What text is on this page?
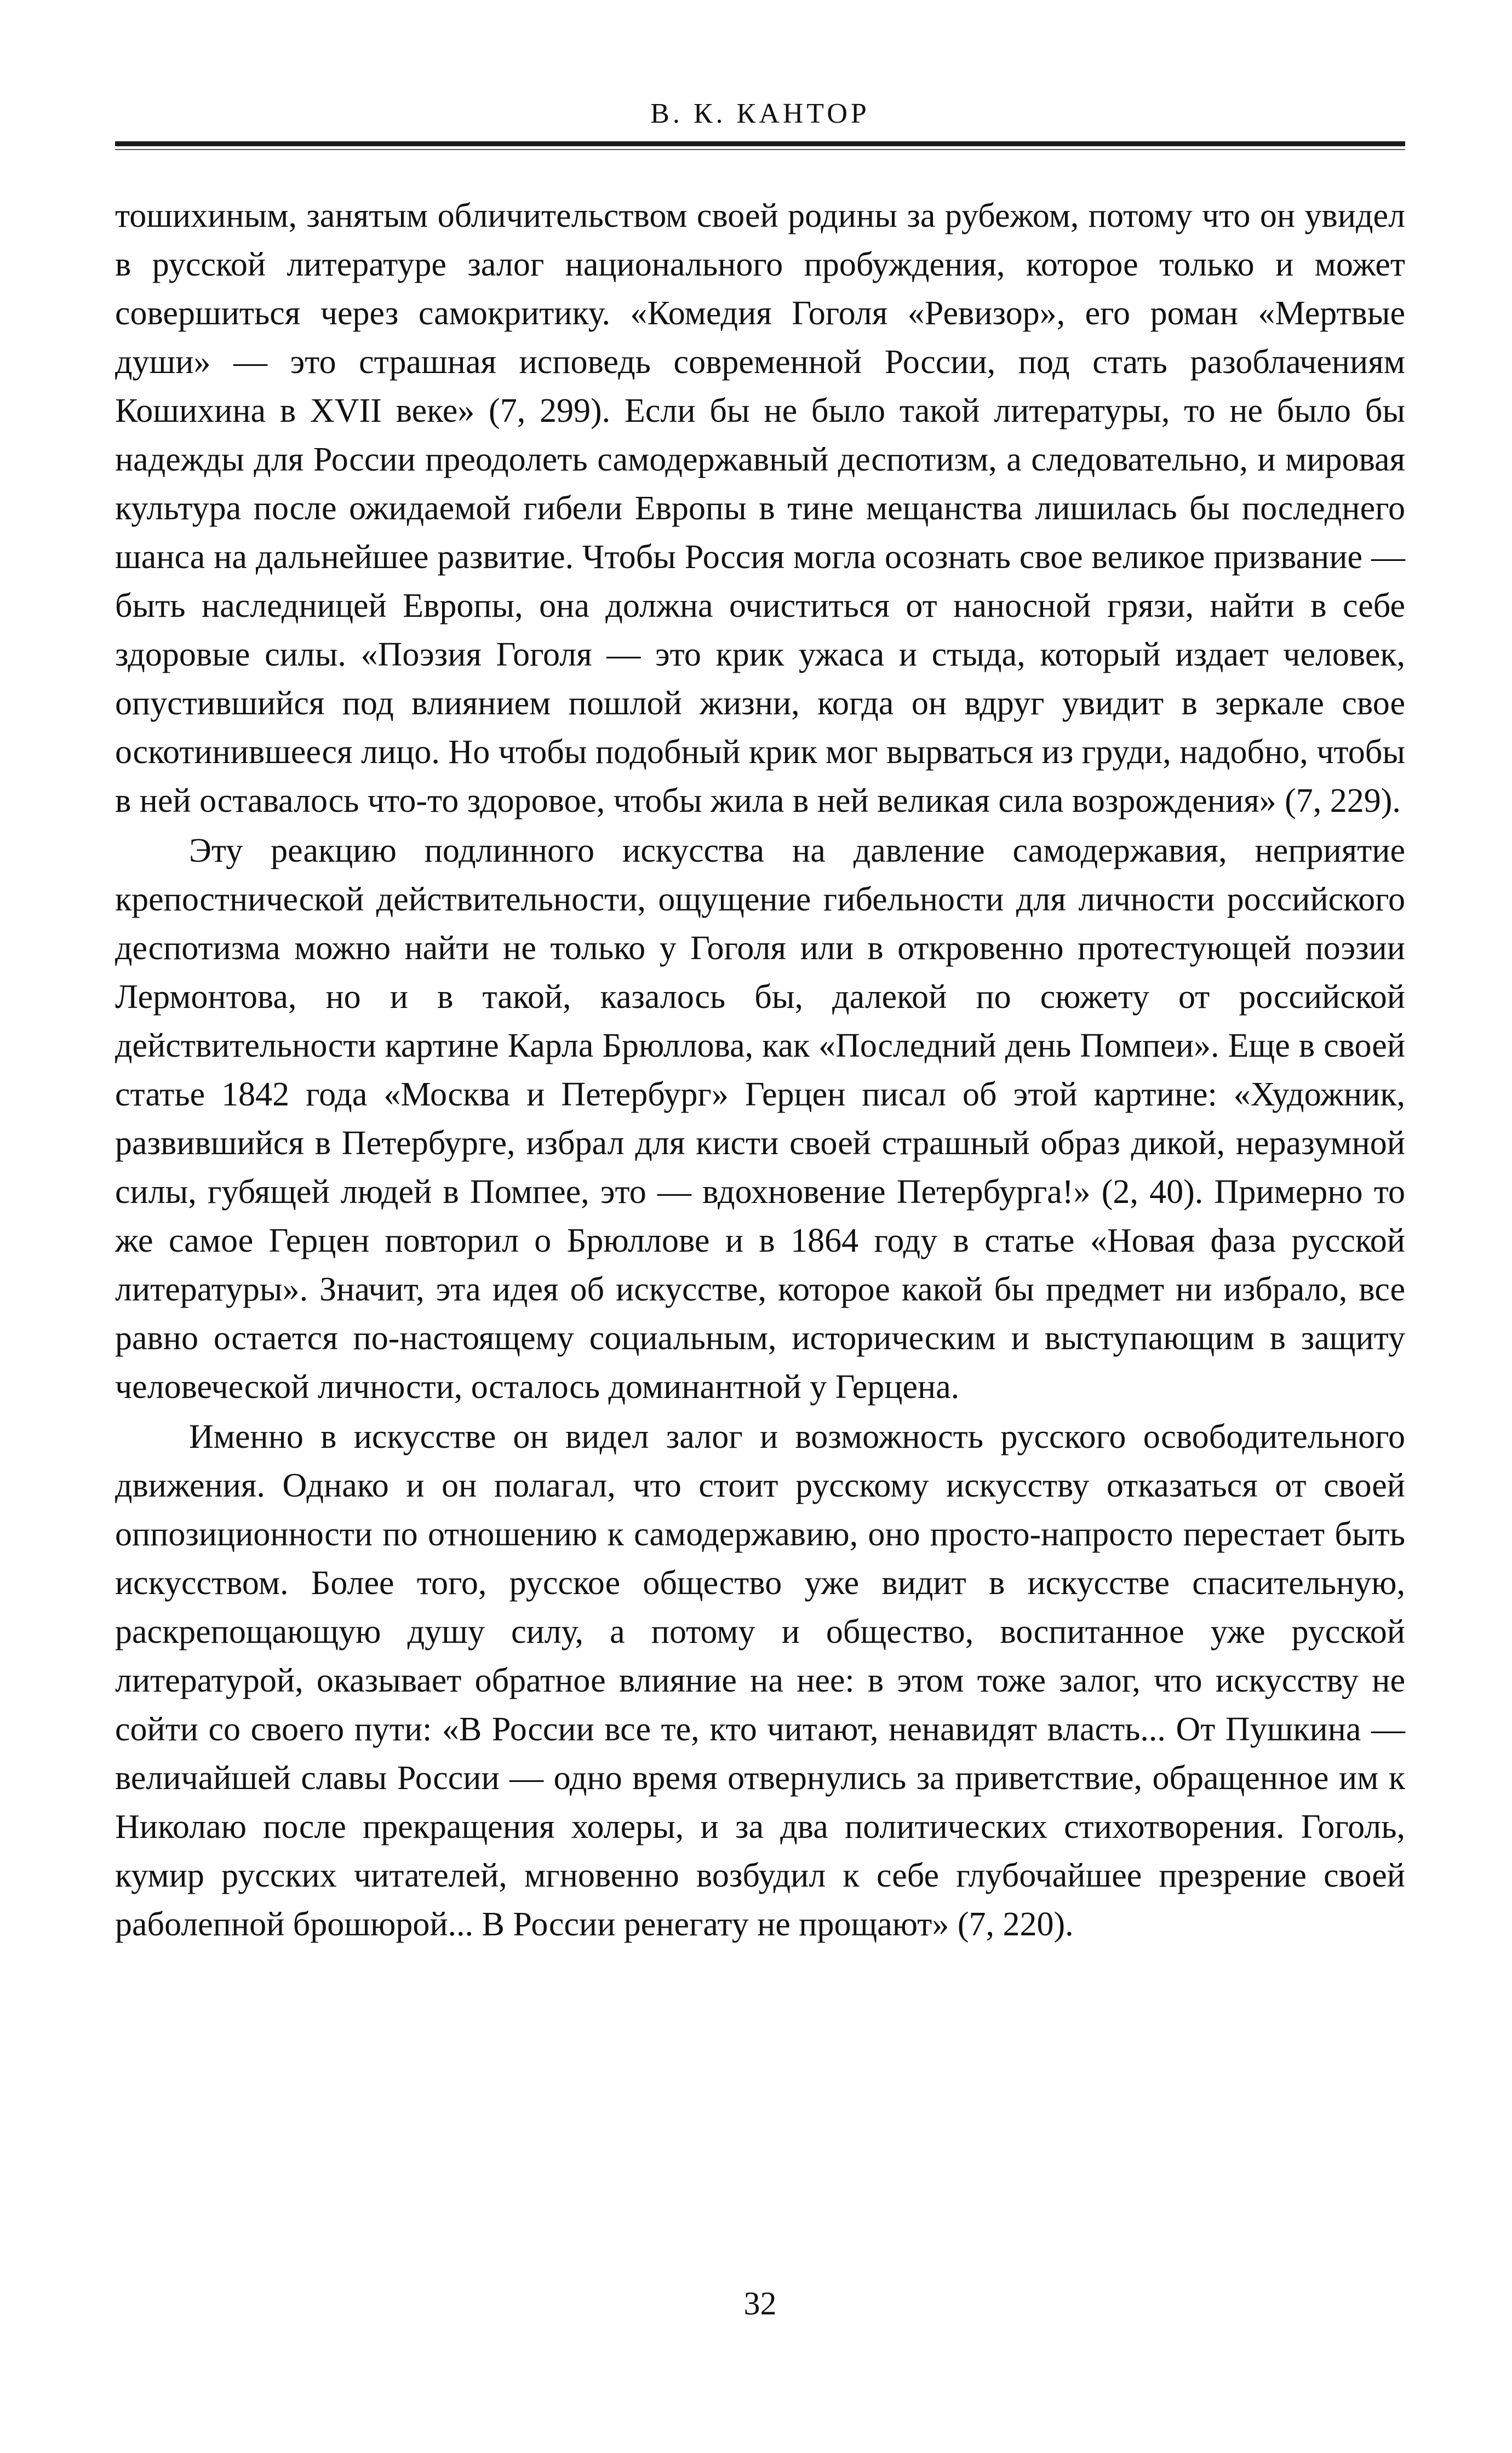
В. К. КАНТОР

тошихиным, занятым обличительством своей родины за рубежом, потому что он увидел в русской литературе залог национального пробуждения, которое только и может совершиться через самокритику. «Комедия Гоголя «Ревизор», его роман «Мертвые души» — это страшная исповедь современной России, под стать разоблачениям Кошихина в XVII веке» (7, 299). Если бы не было такой литературы, то не было бы надежды для России преодолеть самодержавный деспотизм, а следовательно, и мировая культура после ожидаемой гибели Европы в тине мещанства лишилась бы последнего шанса на дальнейшее развитие. Чтобы Россия могла осознать свое великое призвание — быть наследницей Европы, она должна очиститься от наносной грязи, найти в себе здоровые силы. «Поэзия Гоголя — это крик ужаса и стыда, который издает человек, опустившийся под влиянием пошлой жизни, когда он вдруг увидит в зеркале свое оскотинившееся лицо. Но чтобы подобный крик мог вырваться из груди, надобно, чтобы в ней оставалось что-то здоровое, чтобы жила в ней великая сила возрождения» (7, 229).

Эту реакцию подлинного искусства на давление самодержавия, неприятие крепостнической действительности, ощущение гибельности для личности российского деспотизма можно найти не только у Гоголя или в откровенно протестующей поэзии Лермонтова, но и в такой, казалось бы, далекой по сюжету от российской действительности картине Карла Брюллова, как «Последний день Помпеи». Еще в своей статье 1842 года «Москва и Петербург» Герцен писал об этой картине: «Художник, развившийся в Петербурге, избрал для кисти своей страшный образ дикой, неразумной силы, губящей людей в Помпее, это — вдохновение Петербурга!» (2, 40). Примерно то же самое Герцен повторил о Брюллове и в 1864 году в статье «Новая фаза русской литературы». Значит, эта идея об искусстве, которое какой бы предмет ни избрало, все равно остается по-настоящему социальным, историческим и выступающим в защиту человеческой личности, осталось доминантной у Герцена.

Именно в искусстве он видел залог и возможность русского освободительного движения. Однако и он полагал, что стоит русскому искусству отказаться от своей оппозиционности по отношению к самодержавию, оно просто-напросто перестает быть искусством. Более того, русское общество уже видит в искусстве спасительную, раскрепощающую душу силу, а потому и общество, воспитанное уже русской литературой, оказывает обратное влияние на нее: в этом тоже залог, что искусству не сойти со своего пути: «В России все те, кто читают, ненавидят власть... От Пушкина — величайшей славы России — одно время отвернулись за приветствие, обращенное им к Николаю после прекращения холеры, и за два политических стихотворения. Гоголь, кумир русских читателей, мгновенно возбудил к себе глубочайшее презрение своей раболепной брошюрой... В России ренегату не прощают» (7, 220).

32
